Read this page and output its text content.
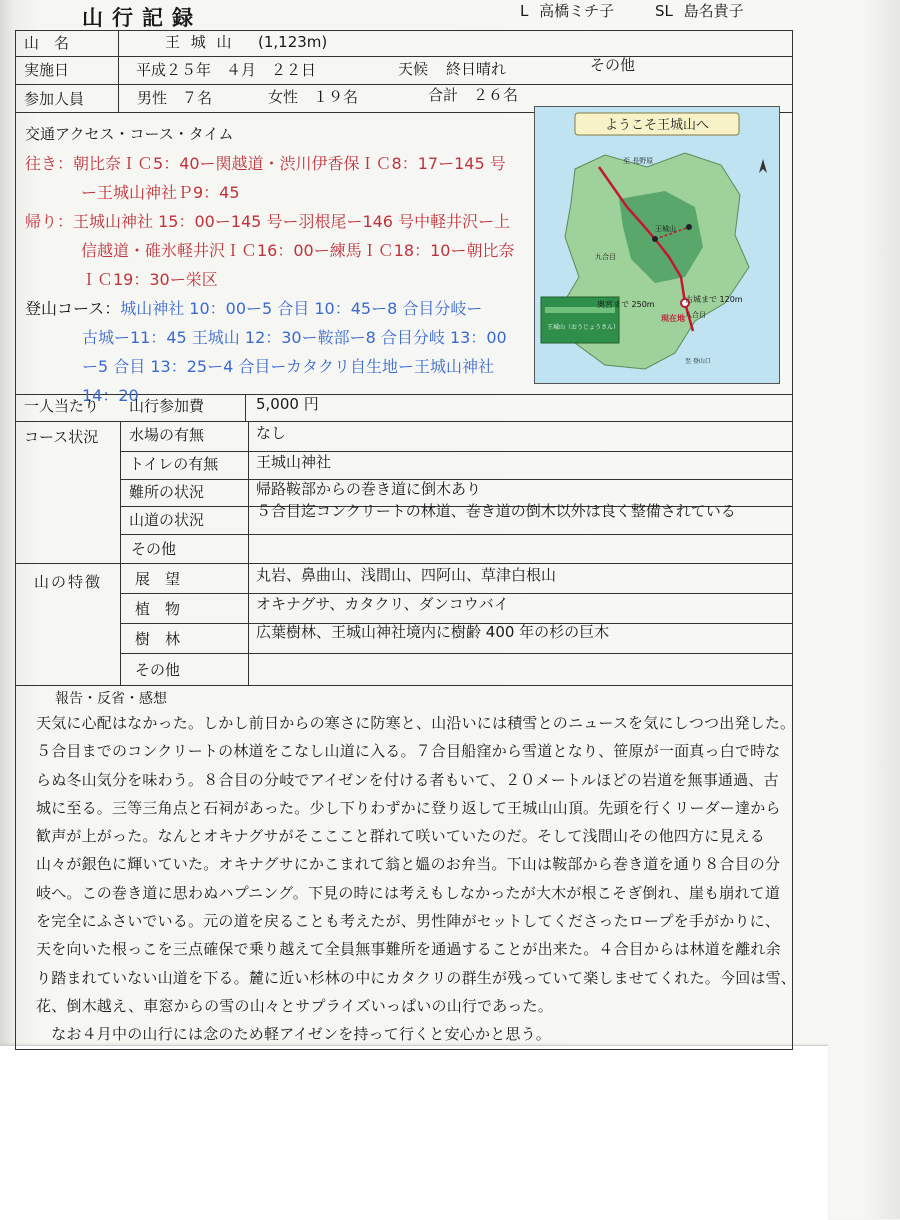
山行記録	L 高橋ミチ子	SL 島名貴子
山　名	王 城 山 (1,123m)
実施日	平成２５年　４月　２２日	天候 終日晴れ	その他
参加人員	男性　７名	女性　１９名	合計　２６名

交通アクセス・コース・タイム

往き：朝比奈ＩＣ5：40ー関越道・渋川伊香保ＩＣ8：17ー145 号

ー王城山神社Ｐ9：45

帰り：王城山神社 15：00ー145 号ー羽根尾ー146 号中軽井沢ー上

信越道・碓氷軽井沢ＩＣ16：00ー練馬ＩＣ18：10ー朝比奈

ＩＣ19：30ー栄区

登山コース：城山神社 10：00ー5 合目 10：45ー8 合目分岐ー

古城ー11：45 王城山 12：30ー鞍部ー8 合目分岐 13：00

ー5 合目 13：25ー4 合目ーカタクリ自生地ー王城山神社

14：20

ようこそ王城山へ
至 長野原
王城山
九合目
八合目
古城まで 120m
奥宮まで 250m
現在地
王城山（おうじょうさん）
至 登山口
一人当たり 山行参加費	5,000 円
コース状況 水場の有無	なし
トイレの有無	王城山神社
難所の状況	帰路鞍部からの巻き道に倒木あり
山道の状況	５合目迄コンクリートの林道、巻き道の倒木以外は良く整備されている
その他
山の特徴 展　望	丸岩、鼻曲山、浅間山、四阿山、草津白根山
植　物	オキナグサ、カタクリ、ダンコウバイ
樹　林	広葉樹林、王城山神社境内に樹齢 400 年の杉の巨木
その他
報告・反省・感想

天気に心配はなかった。しかし前日からの寒さに防寒と、山沿いには積雪とのニュースを気にしつつ出発した。

５合目までのコンクリートの林道をこなし山道に入る。７合目船窪から雪道となり、笹原が一面真っ白で時な

らぬ冬山気分を味わう。８合目の分岐でアイゼンを付ける者もいて、２０メートルほどの岩道を無事通過、古

城に至る。三等三角点と石祠があった。少し下りわずかに登り返して王城山山頂。先頭を行くリーダー達から

歓声が上がった。なんとオキナグサがそこここと群れて咲いていたのだ。そして浅間山その他四方に見える

山々が銀色に輝いていた。オキナグサにかこまれて翁と媼のお弁当。下山は鞍部から巻き道を通り８合目の分

岐へ。この巻き道に思わぬハプニング。下見の時には考えもしなかったが大木が根こそぎ倒れ、崖も崩れて道

を完全にふさいでいる。元の道を戻ることも考えたが、男性陣がセットしてくださったロープを手がかりに、

天を向いた根っこを三点確保で乗り越えて全員無事難所を通過することが出来た。４合目からは林道を離れ余

り踏まれていない山道を下る。麓に近い杉林の中にカタクリの群生が残っていて楽しませてくれた。今回は雪、

花、倒木越え、車窓からの雪の山々とサプライズいっぱいの山行であった。

　なお４月中の山行には念のため軽アイゼンを持って行くと安心かと思う。
